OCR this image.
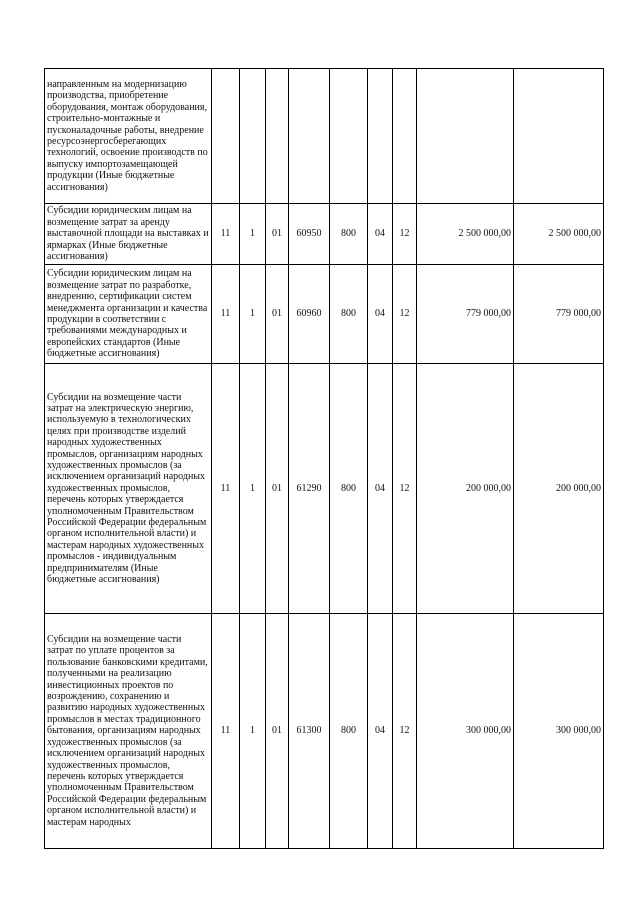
направленным на модернизацию производства, приобретение оборудования, монтаж оборудования, строительно-монтажные и пусконаладочные работы, внедрение ресурсоэнергосберегающих технологий, освоение производств по выпуску импортозамещающей продукции (Иные бюджетные ассигнования)									
Субсидии юридическим лицам на возмещение затрат за аренду выставочной площади на выставках и ярмарках (Иные бюджетные ассигнования)	11	1	01	60950	800	04	12	2 500 000,00	2 500 000,00
Субсидии юридическим лицам на возмещение затрат по разработке, внедрению, сертификации систем менеджмента организации и качества продукции в соответствии с требованиями международных и европейских стандартов (Иные бюджетные ассигнования)	11	1	01	60960	800	04	12	779 000,00	779 000,00
Субсидии на возмещение части затрат на электрическую энергию, используемую в технологических целях при производстве изделий народных художественных промыслов, организациям народных художественных промыслов (за исключением организаций народных художественных промыслов, перечень которых утверждается уполномоченным Правительством Российской Федерации федеральным органом исполнительной власти) и мастерам народных художественных промыслов - индивидуальным предпринимателям (Иные бюджетные ассигнования)	11	1	01	61290	800	04	12	200 000,00	200 000,00
Субсидии на возмещение части затрат по уплате процентов за пользование банковскими кредитами, полученными на реализацию инвестиционных проектов по возрождению, сохранению и развитию народных художественных промыслов в местах традиционного бытования, организациям народных художественных промыслов (за исключением организаций народных художественных промыслов, перечень которых утверждается уполномоченным Правительством Российской Федерации федеральным органом исполнительной власти) и мастерам народных	11	1	01	61300	800	04	12	300 000,00	300 000,00
